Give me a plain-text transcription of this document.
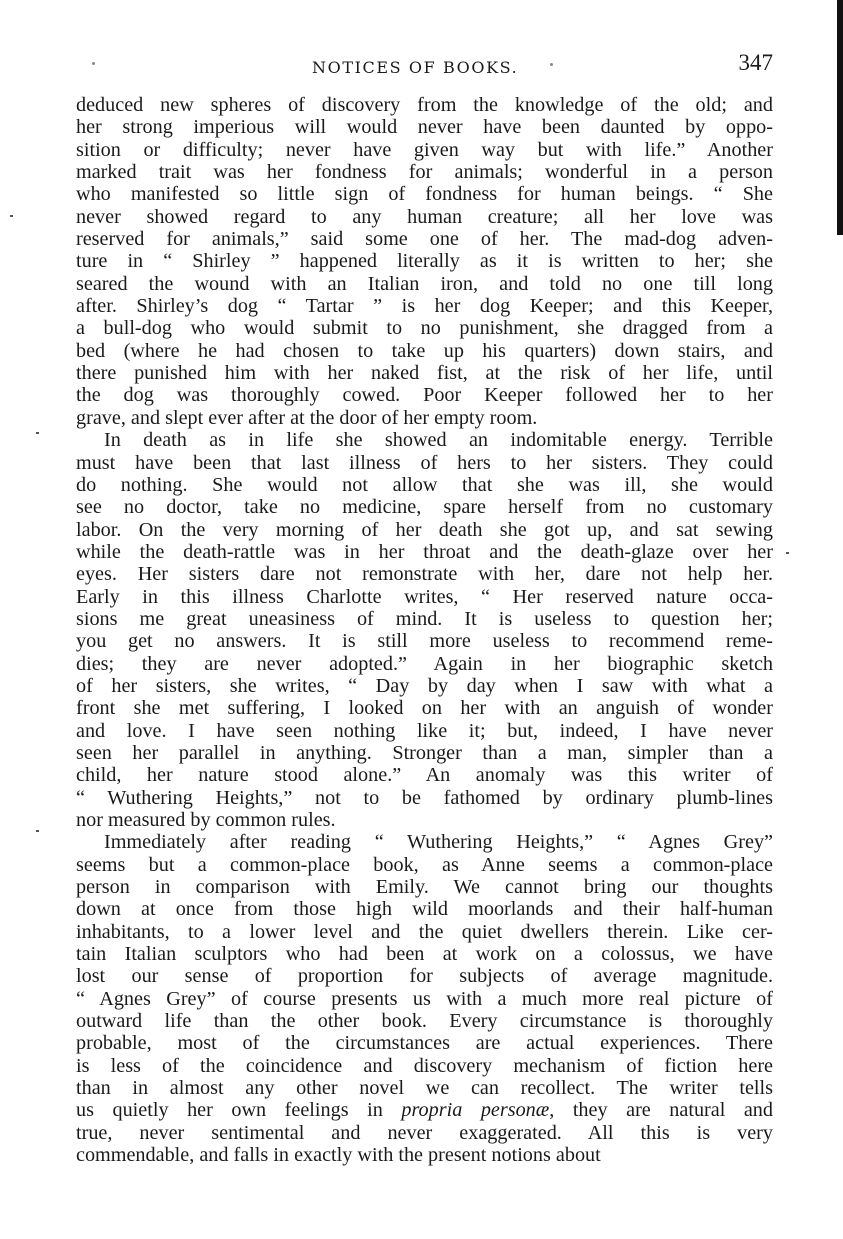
NOTICES OF BOOKS.	347
deduced new spheres of discovery from the knowledge of the old; and
her strong imperious will would never have been daunted by oppo-
sition or difficulty; never have given way but with life.” Another
marked trait was her fondness for animals; wonderful in a person
who manifested so little sign of fondness for human beings. “ She
never showed regard to any human creature; all her love was
reserved for animals,” said some one of her. The mad-dog adven-
ture in “ Shirley ” happened literally as it is written to her; she
seared the wound with an Italian iron, and told no one till long
after. Shirley’s dog “ Tartar ” is her dog Keeper; and this Keeper,
a bull-dog who would submit to no punishment, she dragged from a
bed (where he had chosen to take up his quarters) down stairs, and
there punished him with her naked fist, at the risk of her life, until
the dog was thoroughly cowed. Poor Keeper followed her to her
grave, and slept ever after at the door of her empty room.
In death as in life she showed an indomitable energy. Terrible
must have been that last illness of hers to her sisters. They could
do nothing. She would not allow that she was ill, she would
see no doctor, take no medicine, spare herself from no customary
labor. On the very morning of her death she got up, and sat sewing
while the death-rattle was in her throat and the death-glaze over her
eyes. Her sisters dare not remonstrate with her, dare not help her.
Early in this illness Charlotte writes, “ Her reserved nature occa-
sions me great uneasiness of mind. It is useless to question her;
you get no answers. It is still more useless to recommend reme-
dies; they are never adopted.” Again in her biographic sketch
of her sisters, she writes, “ Day by day when I saw with what a
front she met suffering, I looked on her with an anguish of wonder
and love. I have seen nothing like it; but, indeed, I have never
seen her parallel in anything. Stronger than a man, simpler than a
child, her nature stood alone.” An anomaly was this writer of
“ Wuthering Heights,” not to be fathomed by ordinary plumb-lines
nor measured by common rules.
Immediately after reading “ Wuthering Heights,” “ Agnes Grey”
seems but a common-place book, as Anne seems a common-place
person in comparison with Emily. We cannot bring our thoughts
down at once from those high wild moorlands and their half-human
inhabitants, to a lower level and the quiet dwellers therein. Like cer-
tain Italian sculptors who had been at work on a colossus, we have
lost our sense of proportion for subjects of average magnitude.
“ Agnes Grey” of course presents us with a much more real picture of
outward life than the other book. Every circumstance is thoroughly
probable, most of the circumstances are actual experiences. There
is less of the coincidence and discovery mechanism of fiction here
than in almost any other novel we can recollect. The writer tells
us quietly her own feelings in propria personæ, they are natural and
true, never sentimental and never exaggerated. All this is very
commendable, and falls in exactly with the present notions about
